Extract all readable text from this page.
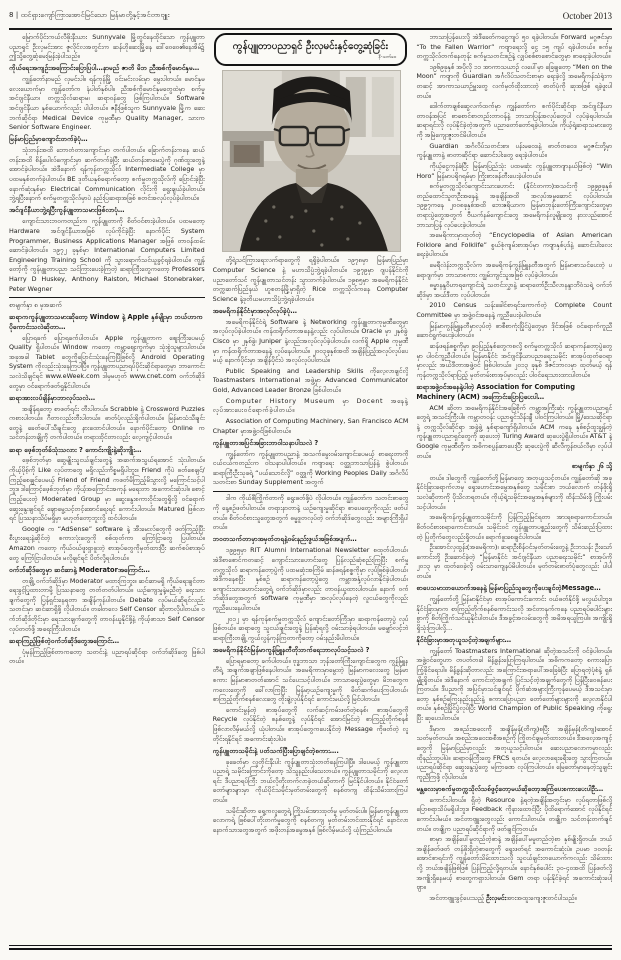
8 | ထင်ရှားကျော်ကြားအောင်မြင်သော မြန်မာတို့နှင့်အင်တာဗျူး	October 2013

မြောက်ပိုင်းကယ်လီဖိုးနီးယား Sunnyvale မြို့တွင်နေထိုင်သော ကွန်ပျူတာပညာရှင် ဦးလှမင်းအား ဇူလိုင်လအတွင်းက ဆန်ဟိုဆေးမြို့နေ ဒေါ်ဝေဝေ၏နေအိမ်၌ ဤသို့တွေ့ဆုံမေးမြန်းခဲ့ပါသည်။

ကိုယ်ရေးအကျဉ်းအကြောင်းပြောပြပါ…နာမည် ဇာတိ မိဘ ညီအစ်ကိုမောင်နှမ…

ကျွန်တော်နာမည် လှမင်းပါ။ ရန်ကုန်မြို့ ဝင်းမင်းလမ်းမှာ မွေးပါတယ်။ မောင်နှမလေးယောက်မှာ ကျွန်တော်က နံပါတ်နှစ်ပါ။ ညီအစ်ကိုမောင်နှမတွေထဲမှာ စက်မှုအင်ဂျင်နီယာ၊ တက္ကသိုလ်ဆရာမ၊ ဆရာဝန်တွေ ဖြစ်ကြပါတယ်။ Software အင်ဂျင်နီယာ နှစ်ယောက်လည်း ပါပါတယ်။ ဇနီးဖြစ်သူက Sunnyvale မြို့က ဆေးဘက်ဆိုင်ရာ Medical Device ကုမ္ပဏီမှာ Quality Manager, သားက Senior Software Engineer.

မြန်မာပြည်မှာကျောင်းတက်ခဲ့ပုံ…

သုံးတန်းအထိ ဘောတံတားကျောင်းမှာ တက်ပါတယ်။ ခြောက်တန်းကနေ ဆယ်တန်းအထိ စိန့်ပေါလ်ကျောင်းမှာ ဆက်တက်ခဲ့ပြီး ဆယ်တန်းစာမေးပွဲကို ဂုဏ်ထူးတွေနဲ့ အောင်ခဲ့ပါတယ်။ အဲဒီနောက် ရန်ကုန်တက္ကသိုလ် Intermediate College မှာ ပထမနှစ်တက်ခဲ့ပါတယ်။ BE ဒုတိယနှစ်ရောက်တော့ စက်မှုတက္ကသိုလ်ကို ပြောင်းခဲ့ပြီး နောက်ဆုံးနှစ်မှာ Electrical Communication လိုင်းကို ရွေးချယ်ခဲ့ပါတယ်။ ဘွဲ့ရပြီးနောက် စက်မှုတက္ကသိုလ်မှာပဲ နည်းပြဆရာအဖြစ် စတင်အလုပ်လုပ်ခဲ့ပါတယ်။

အင်ဂျင်နီယာဘွဲ့ရပြီးကွန်ပျူတာသမားဖြစ်လာပုံ…

ကျောင်းသားဘဝကတည်းက ကွန်ပျူတာကို စိတ်ဝင်စားခဲ့ပါတယ်။ ပထမတော့ Hardware အင်ဂျင်နီယာအဖြစ် လုပ်ကိုင်ခဲ့ပြီး နောက်ပိုင်း System Programmer, Business Applications Manager အဖြစ် တာဝန်ထမ်းဆောင်ခဲ့ပါတယ်။ ၁၉၇၂ ခုနှစ်မှာ International Computers Limited Engineering Training School ကို သွားရောက်သင်ယူခွင့်ရခဲ့ပါတယ်။ ကျွန်တော့်ကို ကွန်ပျူတာပညာ သင်ကြားပေးခဲ့ကြတဲ့ ဆရာကြီးတွေကတော့ Professors Harry D Huskey, Anthony Ralston, Michael Stonebraker, Peter Wegner

စာမျက်နှာ ၈ မှအဆက်

ဆရာကကွန်ပျူတာသမားဆိုတော့ Window နဲ့ Apple နှစ်မျိုးမှာ ဘယ်ဟာကပိုကောင်းသလဲဆိုတာ…

ပြောရခက် ပြောရခက်ပါတယ်။ Apple ကွန်ပျူတာက ဈေးကြီးပေမယ့် Quality ရှိပါတယ်။ Window ကတော့ ကမ္ဘာ့ဈေးကွက်မှာ သုံးစွဲသူများပါတယ်။ အခုအခါ Tablet တွေကိုပြောင်းသုံးနေကြပြီဖြစ်လို့ Android Operating System ကိုလည်းသုံးနေကြပါပြီ။ ကွန်ပျူတာပညာရပ်ပိုင်းဆိုင်ရာတွေမှာ ဘာကောင်းသလဲသိချင်ရင် www.eWeek.com ဒါမှမဟုတ် www.cnet.com ဝက်ဘ်ဆိုဒ်တွေမှာ ဝင်ရောက်ဖတ်ရှုနိုင်ပါတယ်။

ဆရာအားလပ်ချိန်မှာဘာလုပ်သလဲ…

အချိန်ရတော့ စာဖတ်ရင်း တီးပါတယ်။ Scrabble နဲ့ Crossword Puzzles ကစားပါတယ်။ ဂီတာလည်းတီးပါတယ်။ ဓာတ်ပုံလည်းရိုက်ပါတယ်။ မြန်မာသံသီချင်းတွေနဲ့ ခေတ်ပေါ်သီချင်းတွေ နားထောင်ပါတယ်။ နောက်ပိုင်းတော့ Online က သင်တန်းတချို့ကို တက်ပါတယ်။ တရားထိုင်တာလည်း လေ့ကျင့်ပါတယ်။

ဆရာ ဖေ့စ်ဘုတ်ခ်သုံးသလား ? ကောင်းကျိုးနဲ့ဆိုးကျိုး…

ဖေ့စ်ဘုတ်မှာ ဆွေမျိုးသူငယ်ချင်းတွေနဲ့ အဆက်အသွယ်ရအောင် သုံးပါတယ်။ ကိုယ့်ပိုစ့်ကို Like လုပ်တာတွေ မရှိလည်းကိစ္စမရှိပါဘူး။ Friend ကိုပဲ ဖတ်စေချင်/ကြည့်စေချင်ပေမယ့် Friend of Friend ကဖတ်မိကြည့်မိသွားလို့ မကြောင်သင့်ပါဘူး။ ဒါကြောင့်ဖေ့စ်ဘုတ်မှာ ကိုယ့်အကြောင်းအကုန် မရေးတာ အကောင်းဆုံးပါ။ စောင့်ကြည့်ပေးတဲ့ Moderated Group မှာ ဆွေးနွေးစကားဝိုင်းတွေရှိလို့ ဝင်ရောက်ဆွေးနွေးချင်ရင် ချောမွေ့သင့်တင့်အောင်ရေးရင် ကောင်းပါတယ်။ Matured ဖြစ်လာရင် ပြဿနာသိပ်မရှိမှာ မဟုတ်တော့ဘူးလို့ ထင်ပါတယ်။

Google က “AdSense” software နဲ့ အီးမေးလ်တွေကို ဖတ်ကြည့်ပြီး စီးပွားရေးနဲ့ဆိုင်တဲ့ စကားလုံးတွေကို စစ်ထုတ်ကာ ကြော်ငြာတွေ ပြပါတယ်။ Amazon ကတော့ ကိုယ်ဝယ်ဖူးရှာဖူးတဲ့ စာအုပ်တွေကိုမှတ်ထားပြီး ဆက်စပ်စာအုပ်တွေ ကြော်ငြာပါတယ်။ မလိုချင်ရင် ပိတ်လို့ရပါတယ်။

ဝက်ဘ်ဆိုဒ်တွေမှာ ဆင်ဆာနဲ့ Moderatorအကြောင်း…

တချို့ ဝက်ဘ်ဆိုဒ်မှာ Moderator မထားကြဘူး။ ဆင်ဆာမရှိ ကိုယ်ရေးချင်တာ ရေးခွင့်ပြုထားတာမို့ ပြဿနာတွေ တတ်တတ်ပါတယ်။ ယဉ်ကျေးမှုနဲ့မညီတဲ့ ရေးသားချက်တွေကို ပြန်ရှင်းနေရတာ အချိန်ကုန်ပါတယ်။ Debate လုပ်မယ်ဆိုရင်လည်း သတင်းမှာ ဆင်ဆာရှိဖို့ လိုပါတယ်။ တခါတလေ Self Censor ဆိုတာလိုပါတယ်။ ဝက်ဘ်ဆိုဒ်တိုင်းမှာ ရေးသားချက်တွေကို တာဝန်ယူနိုင်ဖို့နဲ့ ကိုယ့်ဖာသာ Self Censor လုပ်တတ်ဖို့ အရေးကြီးပါတယ်။

ဆရာကြည့်ဖြစ်တဲ့ဝက်ဘ်ဆိုဒ်တွေအကြောင်း…

ပုံမှန်ကြည့်ဖြစ်တာကတော့ သတင်းနဲ့ ပညာရပ်ဆိုင်ရာ ဝက်ဘ်ဆိုဒ်တွေ ဖြစ်ပါတယ်။

ကွန်ပျူတာပညာရှင် ဦးလှမင်းနှင့်တွေ့ဆုံခြင်း

နီ-သက်ဝေ

တို့ရဲ့သင်ကြားရေးလက်ရာတွေကို ရရှိခဲ့ပါတယ်။ ၁၉၇၈မှာ မြန်မာပြည်မှာ Computer Science နဲ့ မဟာသိပ္ပံဘွဲ့ရခဲ့ပါတယ်။ ၁၉၇၉မှာ ဂျပန်နိုင်ငံကို ပညာတော်သင် ကွန်ပျူတာသင်တန်း သွားတက်ခဲ့ပါတယ်။ ၁၉၈၅မှာ အမေရိကန်နိုင်ငံ တက္ကဆက်ပြည်နယ် ဟူစတန်မြို့မှာရှိတဲ့ Rice တက္ကသိုလ်ကနေ Computer Science နဲ့ဒုတိယမဟာသိပ္ပံဘွဲ့ရခဲ့ပါတယ်။

အမေရိကန်နိုင်ငံမှာအလုပ်လုပ်ခဲ့ပုံ…

အမေရိကန်နိုင်ငံရဲ့ Software နဲ့ Networking ကွန်ပျူတာကုမ္ပဏီတွေမှာ အလုပ်လုပ်ခဲ့ပါတယ်။ ကန်ထရိုက်တာအနေနဲ့လည်း လုပ်ပါတယ်။ Oracle မှာ ၂နှစ်ခွဲ၊ Cisco မှာ ၂နှစ်ခွဲ၊ Juniper နဲ့လည်းအလုပ်လုပ်ခဲ့ပါတယ်။ လက်ရှိ Apple ကုမ္ပဏီမှာ ကန်ထရိုက်တာအနေနဲ့ လုပ်နေပါတယ်။ ၂၀၀၃ခုနှစ်အထိ အချိန်ပြည့်အလုပ်လုပ်ပေမယ့် နောက်ပိုင်းမှာ အချိန်ပိုင်းပဲ အလုပ်လုပ်ပါတယ်။

Public Speaking and Leadership Skills ကိုလေ့လာချင်လို့ Toastmasters International အဖွဲ့မှာ Advanced Communicator Gold, Advanced Leader Bronze ဖြစ်ပါတယ်။

Computer History Museum မှာ Docent အနေနဲ့ လုပ်အားပေးဝင်ရောက်ခဲ့ပါတယ်။

Association of Computing Machinery, San Francisco ACM Chapter မှာအဖွဲ့ဝင်ဖြစ်ပါတယ်။

ကွန်ပျူတာအပြင်အခြားဘာဝါသနာပါသလဲ ?

ကျွန်တော်က ကွန်ပျူတာပညာနဲ့ အသက်မွေးဝမ်းကျောင်းပေမယ့် စာရေးတာကို ငယ်ငယ်ကတည်းက ဝါသနာပါပါတယ်။ ကဗျာရေး ဝတ္ထုဘာသာပြန်နဲ့ စွဲပါတယ်။ ဆရာကြီးဦးသုခရဲ့ “ပယ်သောင်လို့” ဝတ္ထုကို Working Peoples Daily အင်္ဂလိပ်သတင်းစာ Sunday Supplement အတွက်

ဒါက ကိုယ်စီကြိုက်တာကို ရွေးဖတ်ဖို့ပဲ လိုပါတယ်။ ကျွန်တော်က သတင်းစာတွေကို နေ့စဉ်ဖတ်ပါတယ်။ တရားနာတာနဲ့ ယဉ်ကျေးမှုဆိုင်ရာ စာပေတွေကိုလည်း ဖတ်ပါတယ်။ စိတ်ဝင်စားသူတွေအတွက် ဓမ္မဒူတလုပ်တဲ့ ဝက်ဘ်ဆိုဒ်တွေလည်း အများကြီးရှိပါတယ်။

ဘဝတသက်တာမှာအမှတ်တရနဲ့ဝမ်းနည်းဖွယ်အဖြစ်အပျက်…

၁၉၉၅မှာ RIT Alumni International Newsletter စထုတ်ပါတယ်။ အဲဒီစာစောင်ကတဆင့် ကျောင်းသားဟောင်းတွေ ပြန်လည်ဆုံစည်းကြပြီး စက်မှုတက္ကသိုလ် ဆရာကန်တော့ပွဲကို ပထမဆုံးအကြိမ် ဆန်ဖရန်စစ္စကိုမှာ လုပ်ဖြစ်ခဲ့ပါတယ်။ အဲဒီကနေစပြီး နှစ်စဉ် ဆရာကန်တော့ပွဲတွေ ကမ္ဘာအနှံ့လုပ်လာနိုင်ခဲ့ပါတယ်။ ကျောင်းသားဟောင်းတွေရဲ့ ဝက်ဘ်ဆိုဒ်မှာလည်း တာဝန်ယူထားပါတယ်။ နောက် ဝက်ဘ်ဆိုဒ်တွေအတွက် software ကုမ္ပဏီမှာ အလုပ်လုပ်နေတဲ့ လူငယ်တွေကိုလည်း ကူညီပေးနေပါတယ်။

၂၀၁၂ မှာ ရန်ကုန်စက်မှုတက္ကသိုလ် ကျောင်းတော်ကြီးမှာ ဆရာကန်တော့ပွဲ လုပ်ဖြစ်တယ်။ ဆရာတွေ သူငယ်ချင်းတွေနဲ့ ပြန်ဆုံရလို့ ဝမ်းသာခဲ့ရပါတယ်။ မမျှော်လင့်ဘဲ ဆရာကြီးတချို့ ကွယ်လွန်ကုန်ကြတာကိုတော့ ဝမ်းနည်းမိပါတယ်။

အမေရိကန်နိုင်ငံမြန်မာကွန်မြူနတီတိုးတက်ရေးဘာလုပ်သင့်သလဲ ?

ပြောရမှာတော့ ခက်ပါတယ်။ ဗုဒ္ဓဘာသာ ဘုန်းတော်ကြီးကျောင်းတွေက ကွန်မြူနတီရဲ့ အချက်အချာဖြစ်နေပါတယ်။ အမေရိကားမှာမွေးတဲ့ မြန်မာကလေးတွေ မြန်မာစကား မြန်မာစာတတ်အောင် သင်ပေးသင့်ပါတယ်။ ဘာသာရေးပွဲတွေမှာ မိဘတွေက ကလေးတွေကို ခေါ်လာကြပြီး မြန်မာ့ယဉ်ကျေးမှုကို မိတ်ဆက်ပေးကြပါတယ်။ စာကြည့်တိုက်စနစ်လေးတွေ တိုးချဲ့လုပ်နိုင်ရင် ကောင်းမယ်လို့ မြင်ပါတယ်။

ကောင်းမွန်တဲ့ စာအုပ်တွေကို လက်ဆင့်ကမ်းဖတ်တဲ့စနစ်၊ စာအုပ်တွေကို Recycle လုပ်နိုင်တဲ့ စနစ်တွေနဲ့ လုပ်နိုင်ရင် အောင်မြင်တဲ့ စာကြည့်တိုက်စနစ် ဖြစ်လာလိမ့်မယ်လို့ ယုံပါတယ်။ စာအုပ်တွေကပေးနိုင်တဲ့ Message ကိုဖတ်တဲ့ လူတိုင်းရနိုင်ရင် အကောင်းဆုံးပါပဲ။

ကွန်ပျူတာသမိုင်းနဲ့ ပတ်သက်ပြီးပြောချင်တဲ့စကား….

ခုခေတ်မှာ လူတိုင်းနီးပါး ကွန်ပျူတာသုံးတတ်နေကြပါပြီ။ ဒါပေမယ့် ကွန်ပျူတာပညာရဲ့ သမိုင်းကြောင်းကိုတော့ သိသူနည်းပါသေးတယ်။ ကွန်ပျူတာသမိုင်းကို လေ့လာရင်း ဒီပညာရပ်ကြီး ဘယ်လိုတိုးတက်လာခဲ့တယ်ဆိုတာကို မြင်နိုင်ပါတယ်။ နိုင်ငံတော်တော်များများမှာ ကိုယ်ပိုင်သမိုင်းမှတ်တမ်းတွေကို စနစ်တကျ ထိန်းသိမ်းထားကြပါတယ်။

သမိုင်းဆိုတာ ရှေ့ကလူတွေရဲ့ ကြိုးပမ်းအားထုတ်မှု မှတ်တမ်းပါ။ မြန်မာကွန်ပျူတာလောကရဲ့ ဖြစ်ပေါ်တိုးတက်မှုတွေကို စနစ်တကျ မှတ်တမ်းတင်ထားနိုင်ရင် နောင်လာနောက်သားတွေအတွက် အဖိုးတန်အမွေအနှစ် ဖြစ်လိမ့်မယ်လို့ ယုံကြည်ပါတယ်။

ဘာသာပြန်ပေးလို့ အဲဒီခေတ်ကငွေကျပ် ၅၀ ရခဲ့ပါတယ်။ Forward မဂ္ဂဇင်းမှာ “To the Fallen Warrior” ကဗျာရေးလို့ ငွေ ၁၅ ကျပ် ရခဲ့ပါတယ်။ စက်မှုတက္ကသိုလ်တက်နေတုန်း စက်မှုသတင်းစဉ်နဲ့ လျှပ်စစ်စာစောင်တွေမှာ စာရေးခဲ့ပါတယ်။

၁၉၆၉ခုနှစ် အပိုလို ၁၁ အာကာသယာဉ် လပေါ်မှာ ခြေချတော့ “Men on the Moon” ကဗျာကို Guardian အင်္ဂလိပ်သတင်းစာမှာ ရေးခဲ့လို့ အမေရိကန်သံရုံးကတဆင့် အာကာသယာဉ်မှူးတွေ လက်မှတ်ထိုးထားတဲ့ ဓာတ်ပုံကို ဆုအဖြစ် ရခဲ့ဖူးပါတယ်။

ဒေါက်တာချစ်ဆွေလက်ထက်မှာ ကျွန်တော်က စက်ပိုင်းဆိုင်ရာ အင်ဂျင်နီယာတာဝန်အပြင် စာစောင်စာတည်းတာဝန်နဲ့ ဘာသာပြန်အလုပ်တွေပါ လုပ်ခဲ့ရပါတယ်။ ဆရာရင်းလို လုပ်နိုင်ခဲ့တဲ့အတွက် ပညာတော်တော်ရခဲ့ပါတယ်။ ကိုယ့်ရဲ့ဆရာသမားတွေကို အမြဲကျေးဇူးတင်မိပါတယ်။

Guardian အင်္ဂလိပ်သတင်းစာ၊ ပန်းမဝေဒနဲ့ ဓာတ်တဝေဒ မဂ္ဂဇင်းတို့မှာ ကွန်ပျူတာနဲ့ ဓာတာဆိုင်ရာ ဆောင်းပါးတွေ ရေးခဲ့ပါတယ်။

ကိုယ့်ငွေကုန်ခံပြီး မြန်မာပြည်သုံး ပထမဆုံး ကွန်ပျူတာဂျာနယ်ဖြစ်တဲ့ “Win Horo” မြန်မာပရိုဂရမ်မှာ ကြိုးစားဖန်တီးပေးခဲ့ပါတယ်။

စက်မှုတက္ကသိုလ်ကျောင်းသားဟောင်း (နိုင်ငံတကာ)အသင်းကို ၁၉၉၉ခုနှစ် တည်ထောင်သူတဦးအနေနဲ့ အခုချိန်အထိ အလုပ်အမှုဆောင် လုပ်ပါတယ်။ ၁၉၉၇ကနေ ၂၀၀၈ခုနှစ်အထိ ဘေးဧရိယာက မြန်မာဘုန်းတော်ကြီးကျောင်းတွေမှာ တရားပွဲတွေအတွက် ဗီယက်နမ်ကျောင်းတွေ အမေရိကန်လူမျိုးတွေ နားလည်အောင် ဘာသာပြန် လုပ်ပေးခဲ့ပါတယ်။

အမေရိကားမှာထုတ်တဲ့ “Encyclopedia of Asian American Folklore and Folklife” စွယ်စုံကျမ်းစာအုပ်မှာ ကဗျာနှစ်ပုဒ်နဲ့ ဆောင်းပါးလေး ရေးခဲ့ပါတယ်။

မေရီလဲန်းတက္ကသိုလ်က အမေရိကန်ကွန်မြူနတီအတွက် မြန်မာစာသင်ပေးတဲ့ ပရောဂျက်မှာ ဘာသာစကား ကျွမ်းကျင်သူအဖြစ် လုပ်ခဲ့ပါတယ်။

ဓမ္မာနန္ဒဝိဟာရကျောင်းရဲ့ သတင်းလွှာနဲ့ ဆရာတော်ဦးသီလာနန္ဒာဘိဝံသရဲ့ ဝက်ဘ်ဆိုဒ်မှာ အယ်ဒီတာ လုပ်ပါတယ်။

2010 Census သန်းခေါင်စာရင်းကောက်တဲ့ Complete Count Committee မှာ အဖွဲ့ဝင်အနေနဲ့ ကူညီပေးခဲ့ပါတယ်။

မြန်မာကွန်မြူနတီမှာလုပ်တဲ့ စာစီစာကုံးပြိုင်ပွဲတွေမှာ ဒိုင်အဖြစ် ဝင်ရောက်ကူညီ ဆောင်ရွက်ပေးခဲ့ပါတယ်။

ဆန်ဖရန်စစ္စကိုမှာ ၉၀ပြည့်နှစ်တွေကစလို့ စက်မှုတက္ကသိုလ် ဆရာကန်တော့ပွဲတွေမှာ ပါဝင်ကူညီပါတယ်။ မြန်မာနိုင်ငံ အင်ဂျင်နီယာပညာရေးသမိုင်း စာအုပ်ထုတ်ဝေရာမှာလည်း အယ်ဒီတာအဖွဲ့ဝင် ဖြစ်ပါတယ်။ ၂၀၁၃ ခုနှစ် ဒီဇင်ဘာလမှာ ထုတ်မယ့် ရန်ကုန်တက္ကသိုလ်ရာပြည့် မှတ်တမ်းစာအုပ်မှာလည်း ပါဝင်ရေးသားထားပါတယ်။

ဆရာအဖွဲ့ဝင်အနေနဲ့ပါတဲ့ Association for Computing Machinery (ACM) အကြောင်းပြောပြပေးပါ…

ACM ဆိုတာ အမေရိကန်နိုင်ငံအခြေစိုက် ကမ္ဘာ့အကြီးဆုံး ကွန်ပျူတာပညာရှင်တွေရဲ့ အသင်းကြီးပါ။ ကမ္ဘာတဝန်း ပညာရှင်သိန်းချီ ပါဝင်ကြပါတယ်။ မြို့/ဒေသဆိုင်ရာနဲ့ တက္ကသိုလ်ဆိုင်ရာ အခွဲဖွဲ့ နှစ်ရာကျော်ရှိပါတယ်။ ACM ကနေ နှစ်စဉ်ထူးချွန်တဲ့ ကွန်ပျူတာပညာရှင်တွေကို ဆုပေးတဲ့ Turing Award ဆုပေးပွဲရှိပါတယ်။ AT&T နဲ့ Google ကုမ္ပဏီတို့က အဓိကစပွန်ဆာပေးပြီး ဆုပေးပွဲကို ဆီလီကွန်ဗယ်လီမှာ လုပ်ပါတယ်။

စာမျက်နှာ ၂၆ သို့

တယ်။ ဒါတွေကို ကျွန်တော်တို့မြန်မာတွေ အတုယူသင့်တယ်။ ကျွန်တော်ဆို အခု နိုင်ငံခြားရောက်လာမှ ရှေးဟောင်းအမွေအနှစ်တွေ သမိုင်းစာ ဘယ်လောက် တန်ဖိုးရှိသလဲဆိုတာကို ပိုသိလာရတယ်။ ကိုယ့်ရဲ့သမိုင်းအမွေအနှစ်များကို ထိန်းသိမ်းဖို့ ကြိုးပမ်းသင့်ပါတယ်။

အမေရိကန်ကွန်ပျူတာသမိုင်းကို ပြန်ကြည့်မြင်ရတာ အားရစရာကောင်းတယ်။ စိတ်ဝင်စားစရာကောင်းတယ်။ သမိုင်းဝင် ကွန်ပျူတာပစ္စည်းတွေကို သိမ်းဆည်းပြထားတဲ့ ပြတိုက်တွေလည်းရှိတယ်။ ရောက်ဖူးစေချင်ပါတယ်။

ဦးအောင်လှထွန်း(အမေရိကာ)၊ ဆရာဦးစိန်ဝင်းမှတ်တမ်းတွေနဲ့ ဦးဘသန်း ဦးသော်ကောင်းတို့ ဦးဆောင်ခဲ့တဲ့ “မြန်မာနိုင်ငံ အင်ဂျင်နီယာ ပညာရေးသမိုင်း” စာအုပ်ကို ၂၀၁၃ မှာ ထုတ်ဝေခဲ့လို့ ဝမ်းသာကျေနပ်မိပါတယ်။ မှတ်တမ်းဓာတ်ပုံတွေလည်း ပါပါတယ်။

စာပေသမားတယောက်အနေနဲ့ မြန်မာပြည်သူတွေကိုပေးချင်တဲ့Message…

ကျွန်တော်တို့ မြန်မာနိုင်ငံမှာ စာအုပ်ကောင်းကောင်း ဝယ်ဖတ်နိုင်ဖို့ မလွယ်ပါဘူး။ နိုင်ငံခြားမှာက စာကြည့်တိုက်စနစ်ကောင်းသလို အင်တာနက်ကနေ ပညာရပ်ပေါင်းများစွာကို စိတ်ကြိုက်သင်ယူနိုင်ပါတယ်။ ဒီအခွင့်အလမ်းတွေကို အမိအရယူကြပါ။ အကျိုးရှိရှိသုံးကြပါလို့…

နိုင်ငံခြားမှာအတုယူသင့်တဲ့အချက်များ…

ကျွန်တော် Toastmasters International ဆိုတဲ့အသင်းကို ဝင်ခဲ့ပါတယ်။ အဖွဲ့ဝင်တွေဟာ တပတ်တခါ မိန့်ခွန်းပြောကြရပါတယ်။ အဓိကကတော့ စကားပြောကြံ့ခိုင်ရေးပါ။ မိန့်ခွန်းဆိုတာလည်း အကြောင်းအရာပေါ်အခြေခံပြီး ပြောရတဲ့ပုံစံနဲ့ ရှစ်မျိုးရှိတယ်။ အဲဒီနောက် ကောင်းတဲ့အချက် ပြင်သင့်တဲ့အချက်တွေကို ပြန်ပြီးဝေဖန်ပေးကြတယ်။ ဒီပညာကို အပြင်မှာသင်ချင်ရင် ပိုက်ဆံအများကြီးကုန်ပေမယ့် ဒီအသင်းမှာတော့ နှစ်စဉ်ကြေးနည်းနည်းနဲ့ စကားပြောပညာ တော်တော်များများကို လေ့လာနိုင်ပါတယ်။ နှစ်စဉ်ပြိုင်ပွဲလုပ်ပြီး World Champion of Public Speaking ကိုရွေးပြီး ဆုပေးပါတယ်။

ဒီမှာက အစည်းအဝေးကို အချိန်မှန်(တိကျ)စပြီး အချိန်မှန်(တိကျ)အောင် သတ်မှတ်တယ်။ အစည်းအဝေးအစီအစဉ်ကို ကြိုတင်ချမှတ်ထားတယ်။ ဒီအလေ့အကျင့်တွေကို မြန်မာပြည်မှာလည်း အတုယူသင့်ပါတယ်။ ဆေးပညာလောကမှာလည်း ထိုနည်းတူပါပဲ။ ဆရာဝန်ကြီးတွေ FRCS ရတယ်။ လေ့လာရေးခရီးတွေ သွားကြတယ်။ ပညာရပ်ဆိုင်ရာ ဆွေးနွေးပွဲတွေ မကြာခဏ လုပ်ကြပါတယ်။ မြေတော်မှာနေတဲ့သူချင်း ကူညီကြဖို့ လိုပါတယ်။

မန္တလေးမှာစက်မှုတက္ကသိုလ်သစ်ဖွင့်တော့မယ်ဆိုတော့အကြံပေးစကားပေးပါဦး…

ကောင်းပါတယ်။ ရှိတဲ့ Resource နဲ့ရတဲ့အချိန်အတွင်းမှာ လုပ်ရတာဖြစ်လို့ ပြောစရာသိပ်မရှိပါဘူး။ Feedback ကိုနားထောင်ပြီး ပိုထိရောက်အောင် လုပ်နိုင်ရင် ကောင်းပါမယ်။ အင်တာဗျူးတွေလည်း ကောင်းပါတယ်။ တချို့က သင်တန်းတက်ချင်တယ်။ တချို့က ပညာရပ်ဆိုင်ရာကို ဖတ်ချင်ကြတယ်။

စာမှာ အချိန်ပေါ်မူတည်တဲ့စာနဲ့ အချိန်ပေါ်မမူတည်တဲ့စာ နှစ်မျိုးရှိတယ်။ ဘယ်အချိန်ဖတ်ဖတ် တန်ဖိုးရှိတဲ့စာတွေကို ရွေးဖတ်ရင် အကောင်းဆုံးပဲ။ ဥပမာ ၁၀တန်းအောင်စာရင်းကို ကျွန်တော်သိမ်းထားသလို သူငယ်ချင်းတယောက်ကလည်း သိမ်းထားလို့ ဘယ်အချိန်ဖြစ်ဖြစ် ပြန်ကြည့်လို့ရတယ်။ နောင်နှစ်ပေါင်း ၃၀-၄၀အထိ ပြန်ဖတ်လို့ အကျိုးရှိနေမယ့် စာတွေကရှားပါတယ်။ Gem တရာ ပန်းနိုင်ခဲ့ရင် အကောင်းဆုံးပေါ့ဗျာ။

အင်တာဗျူးခွင့်ပေးသည့် ဦးလှမင်းအားအထူးကျေးဇူးတင်ပါသည်။
